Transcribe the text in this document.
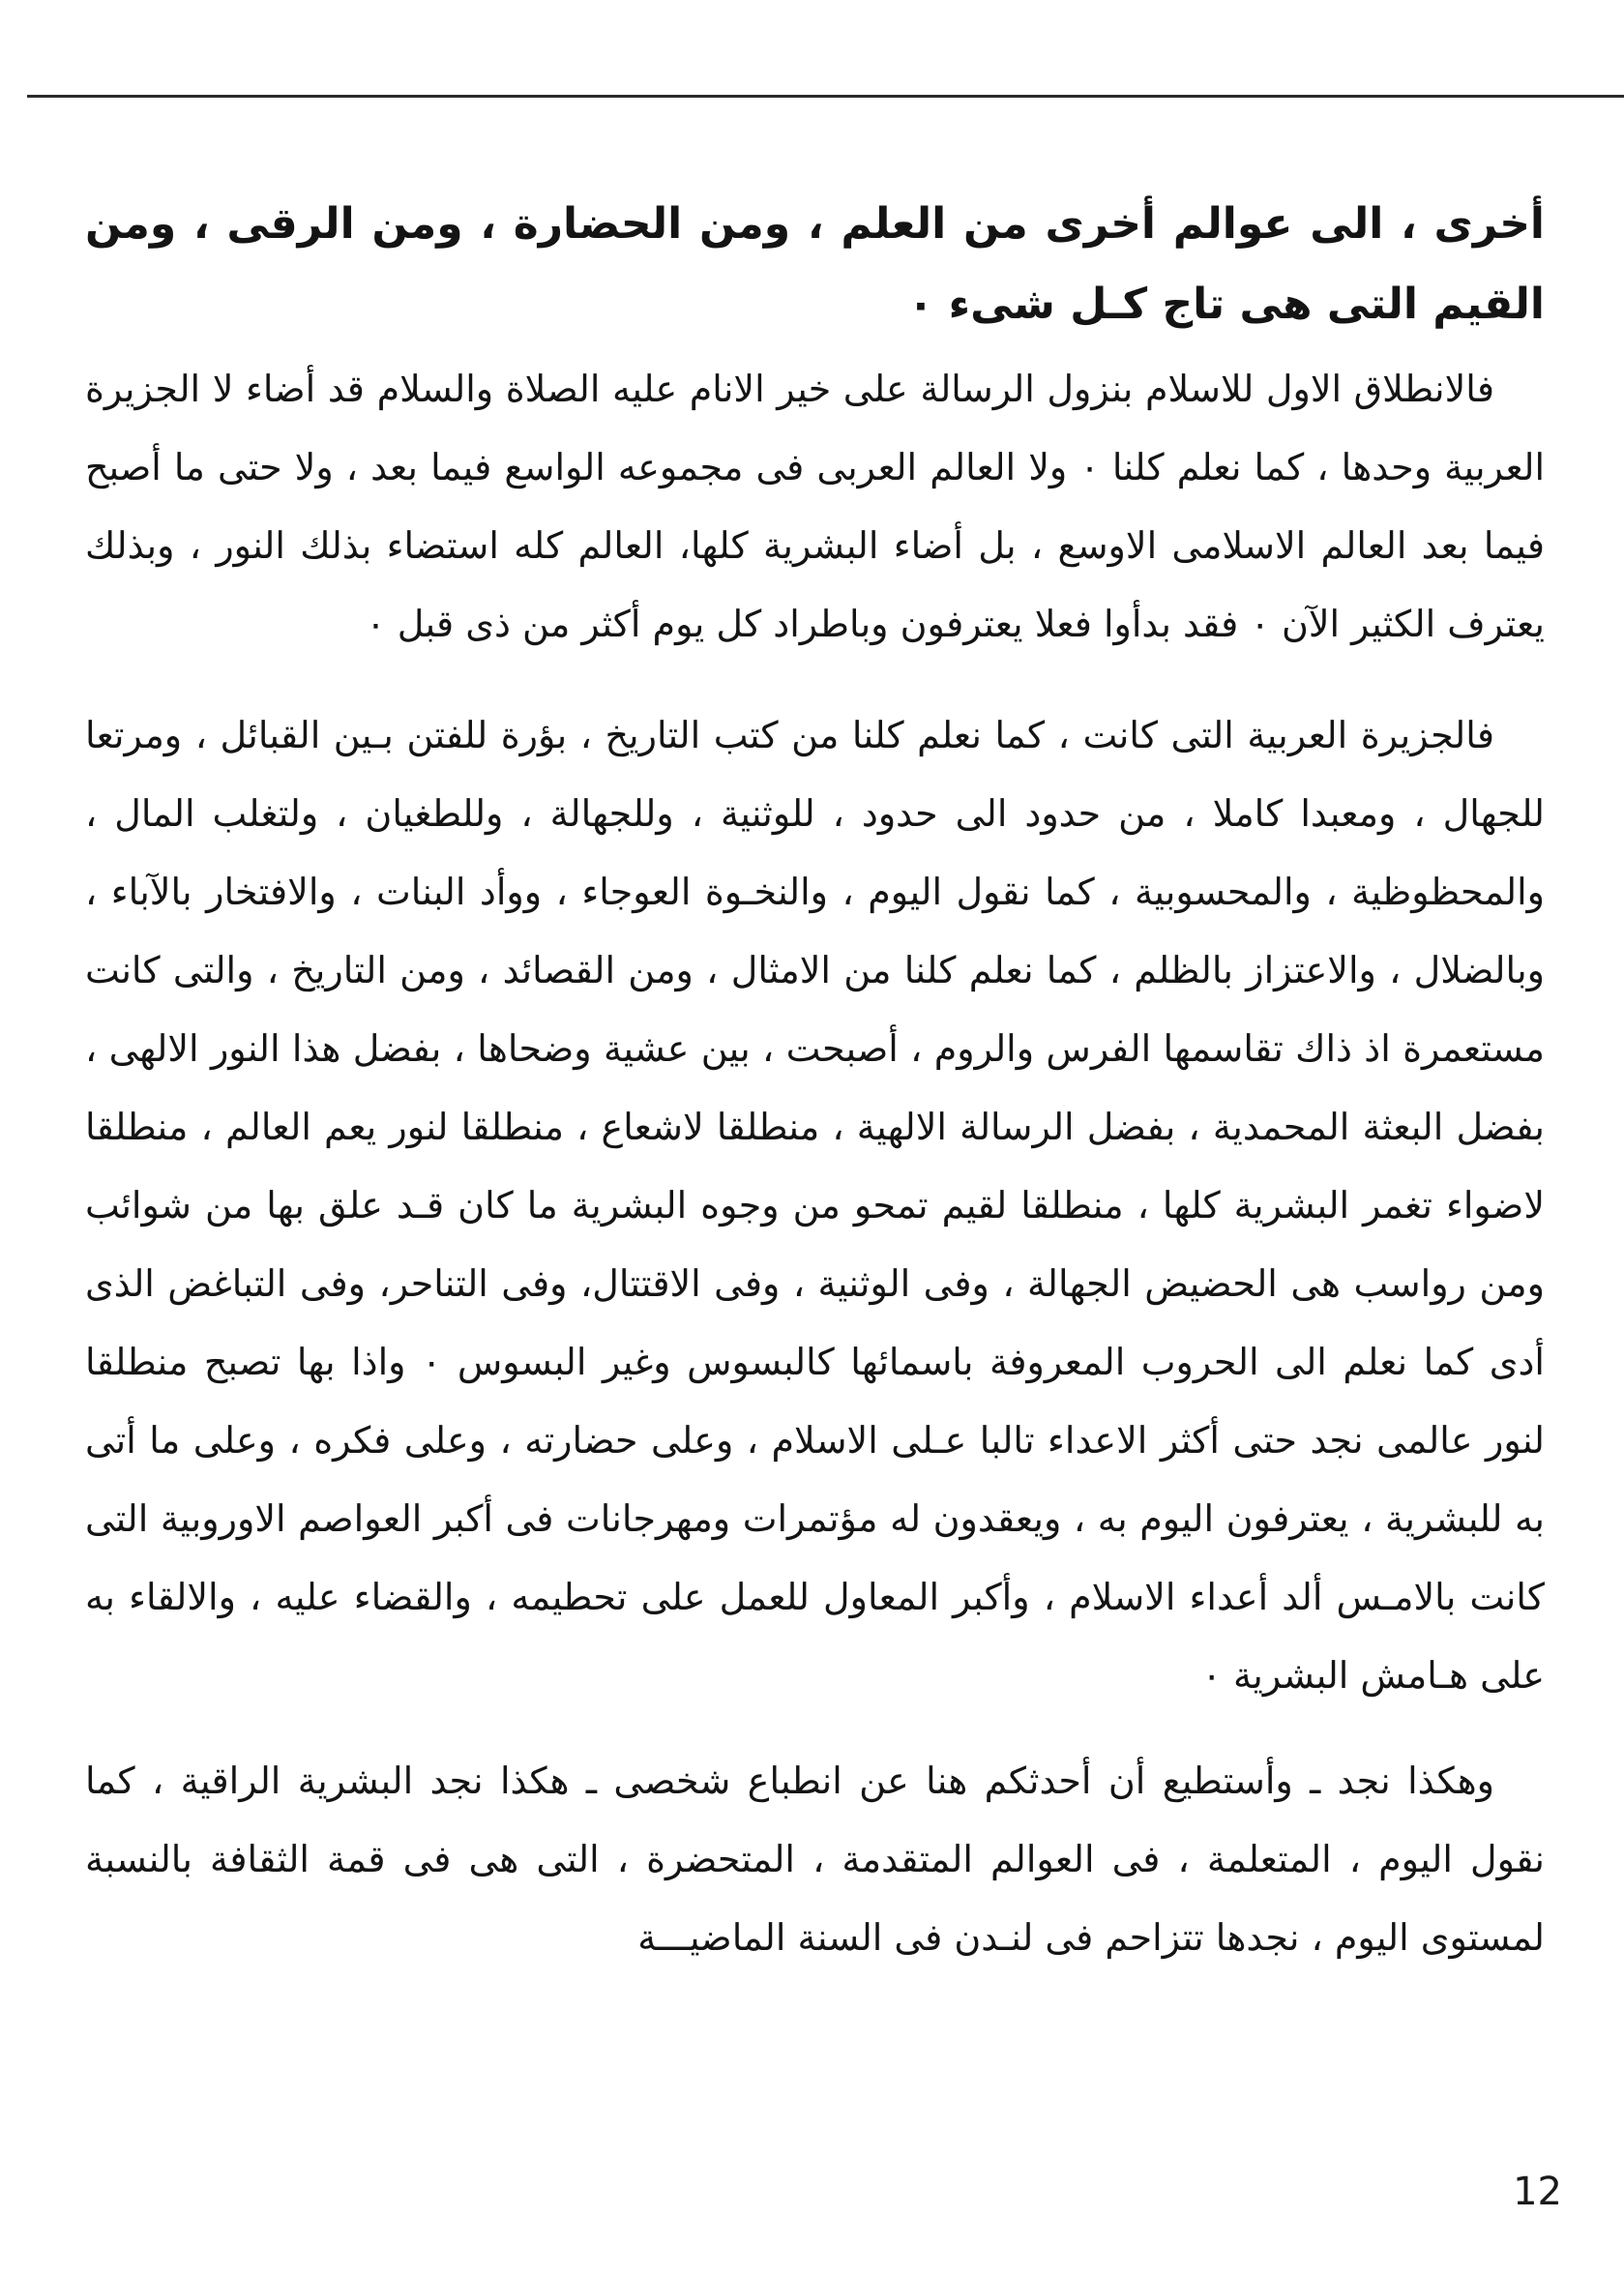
أخرى ، الى عوالم أخرى من العلم ، ومن الحضارة ، ومن الرقى ، ومن القيم التى هى تاج كـل شىء ٠

فالانطلاق الاول للاسلام بنزول الرسالة على خير الانام عليه الصلاة والسلام قد أضاء لا الجزيرة العربية وحدها ، كما نعلم كلنا ٠ ولا العالم العربى فى مجموعه الواسع فيما بعد ، ولا حتى ما أصبح فيما بعد العالم الاسلامى الاوسع ، بل أضاء البشرية كلها، العالم كله استضاء بذلك النور ، وبذلك يعترف الكثير الآن ٠ فقد بدأوا فعلا يعترفون وباطراد كل يوم أكثر من ذى قبل ٠

فالجزيرة العربية التى كانت ، كما نعلم كلنا من كتب التاريخ ، بؤرة للفتن بـين القبائل ، ومرتعا للجهال ، ومعبدا كاملا ، من حدود الى حدود ، للوثنية ، وللجهالة ، وللطغيان ، ولتغلب المال ، والمحظوظية ، والمحسوبية ، كما نقول اليوم ، والنخـوة العوجاء ، ووأد البنات ، والافتخار بالآباء ، وبالضلال ، والاعتزاز بالظلم ، كما نعلم كلنا من الامثال ، ومن القصائد ، ومن التاريخ ، والتى كانت مستعمرة اذ ذاك تقاسمها الفرس والروم ، أصبحت ، بين عشية وضحاها ، بفضل هذا النور الالهى ، بفضل البعثة المحمدية ، بفضل الرسالة الالهية ، منطلقا لاشعاع ، منطلقا لنور يعم العالم ، منطلقا لاضواء تغمر البشرية كلها ، منطلقا لقيم تمحو من وجوه البشرية ما كان قـد علق بها من شوائب ومن رواسب هى الحضيض الجهالة ، وفى الوثنية ، وفى الاقتتال، وفى التناحر، وفى التباغض الذى أدى كما نعلم الى الحروب المعروفة باسمائها كالبسوس وغير البسوس ٠ واذا بها تصبح منطلقا لنور عالمى نجد حتى أكثر الاعداء تالبا عـلى الاسلام ، وعلى حضارته ، وعلى فكره ، وعلى ما أتى به للبشرية ، يعترفون اليوم به ، ويعقدون له مؤتمرات ومهرجانات فى أكبر العواصم الاوروبية التى كانت بالامـس ألد أعداء الاسلام ، وأكبر المعاول للعمل على تحطيمه ، والقضاء عليه ، والالقاء به على هـامش البشرية ٠

وهكذا نجد ـ وأستطيع أن أحدثكم هنا عن انطباع شخصى ـ هكذا نجد البشرية الراقية ، كما نقول اليوم ، المتعلمة ، فى العوالم المتقدمة ، المتحضرة ، التى هى فى قمة الثقافة بالنسبة لمستوى اليوم ، نجدها تتزاحم فى لنـدن فى السنة الماضيـــة

12
